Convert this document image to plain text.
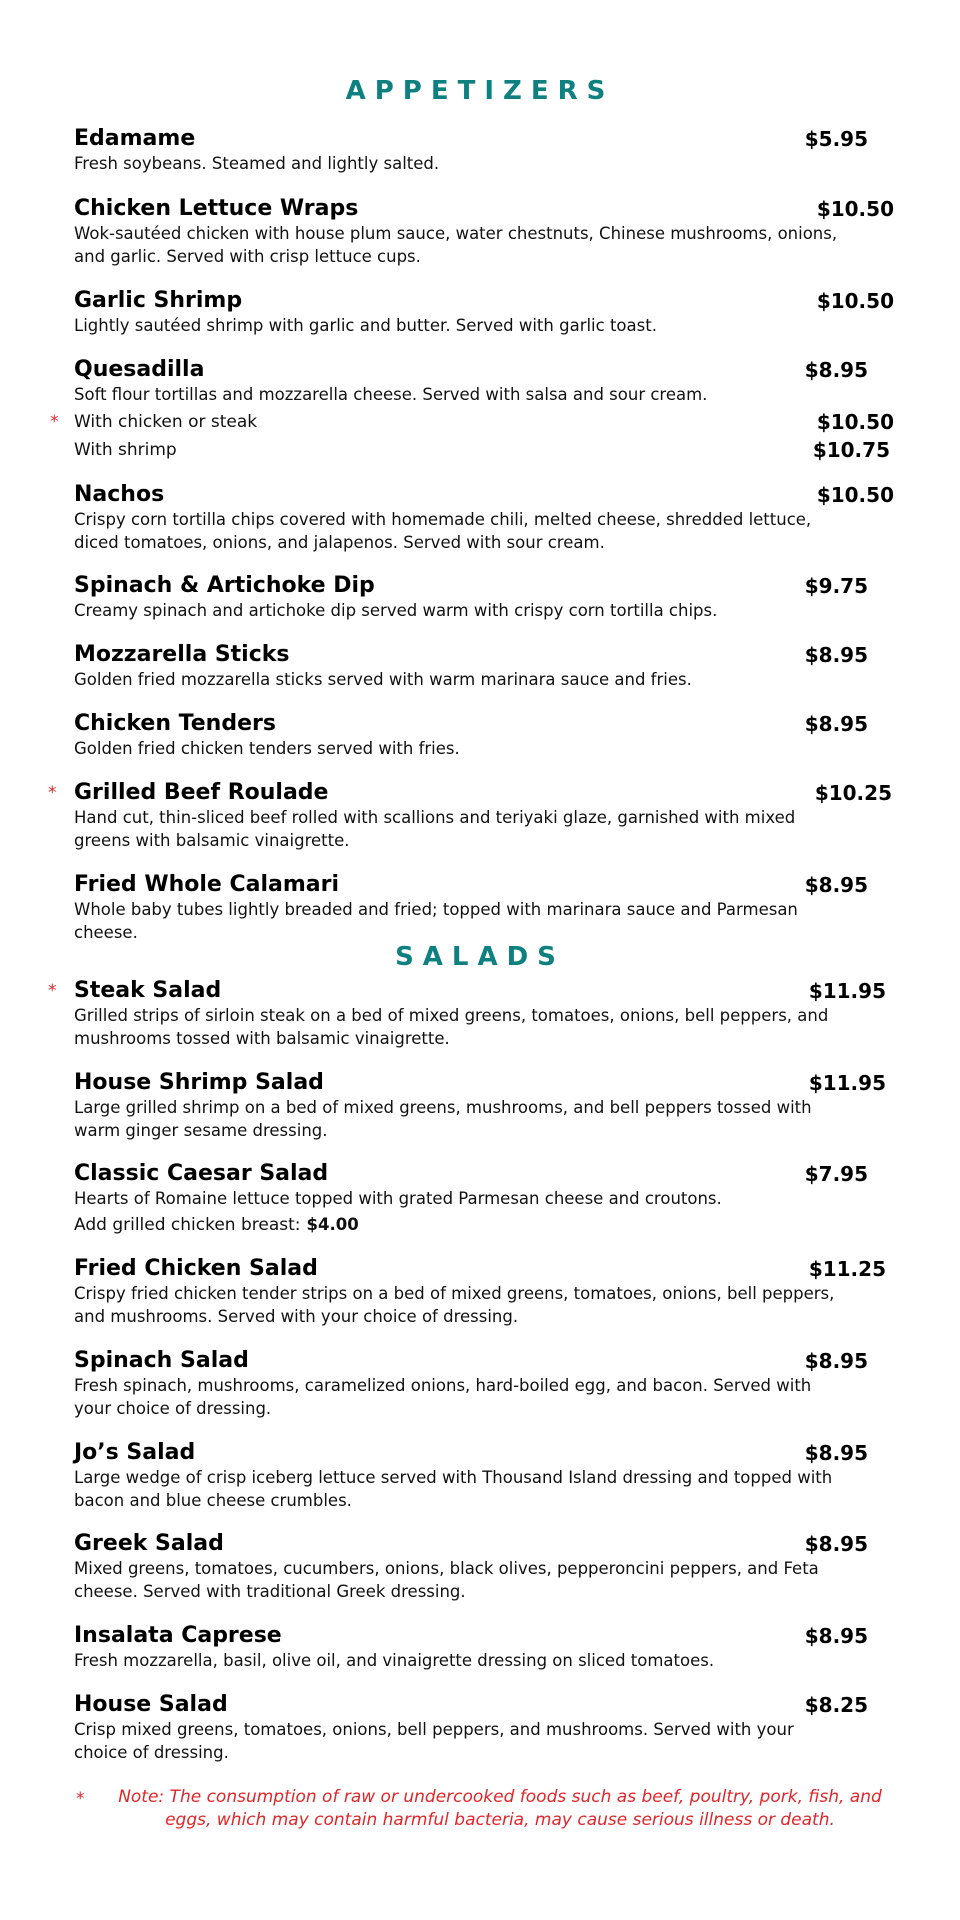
APPETIZERS
Edamame	$5.95
Fresh soybeans. Steamed and lightly salted.
Chicken Lettuce Wraps	$10.50
Wok-sautéed chicken with house plum sauce, water chestnuts, Chinese mushrooms, onions, and garlic. Served with crisp lettuce cups.
Garlic Shrimp	$10.50
Lightly sautéed shrimp with garlic and butter. Served with garlic toast.
Quesadilla	$8.95
Soft flour tortillas and mozzarella cheese. Served with salsa and sour cream.
* With chicken or steak	$10.50
With shrimp	$10.75
Nachos	$10.50
Crispy corn tortilla chips covered with homemade chili, melted cheese, shredded lettuce, diced tomatoes, onions, and jalapenos. Served with sour cream.
Spinach & Artichoke Dip	$9.75
Creamy spinach and artichoke dip served warm with crispy corn tortilla chips.
Mozzarella Sticks	$8.95
Golden fried mozzarella sticks served with warm marinara sauce and fries.
Chicken Tenders	$8.95
Golden fried chicken tenders served with fries.
* Grilled Beef Roulade	$10.25
Hand cut, thin-sliced beef rolled with scallions and teriyaki glaze, garnished with mixed greens with balsamic vinaigrette.
Fried Whole Calamari	$8.95
Whole baby tubes lightly breaded and fried; topped with marinara sauce and Parmesan cheese.
SALADS
* Steak Salad	$11.95
Grilled strips of sirloin steak on a bed of mixed greens, tomatoes, onions, bell peppers, and mushrooms tossed with balsamic vinaigrette.
House Shrimp Salad	$11.95
Large grilled shrimp on a bed of mixed greens, mushrooms, and bell peppers tossed with warm ginger sesame dressing.
Classic Caesar Salad	$7.95
Hearts of Romaine lettuce topped with grated Parmesan cheese and croutons.
Add grilled chicken breast: $4.00
Fried Chicken Salad	$11.25
Crispy fried chicken tender strips on a bed of mixed greens, tomatoes, onions, bell peppers, and mushrooms. Served with your choice of dressing.
Spinach Salad	$8.95
Fresh spinach, mushrooms, caramelized onions, hard-boiled egg, and bacon. Served with your choice of dressing.
Jo’s Salad	$8.95
Large wedge of crisp iceberg lettuce served with Thousand Island dressing and topped with bacon and blue cheese crumbles.
Greek Salad	$8.95
Mixed greens, tomatoes, cucumbers, onions, black olives, pepperoncini peppers, and Feta cheese. Served with traditional Greek dressing.
Insalata Caprese	$8.95
Fresh mozzarella, basil, olive oil, and vinaigrette dressing on sliced tomatoes.
House Salad	$8.25
Crisp mixed greens, tomatoes, onions, bell peppers, and mushrooms. Served with your choice of dressing.
*	Note: The consumption of raw or undercooked foods such as beef, poultry, pork, fish, and eggs, which may contain harmful bacteria, may cause serious illness or death.
